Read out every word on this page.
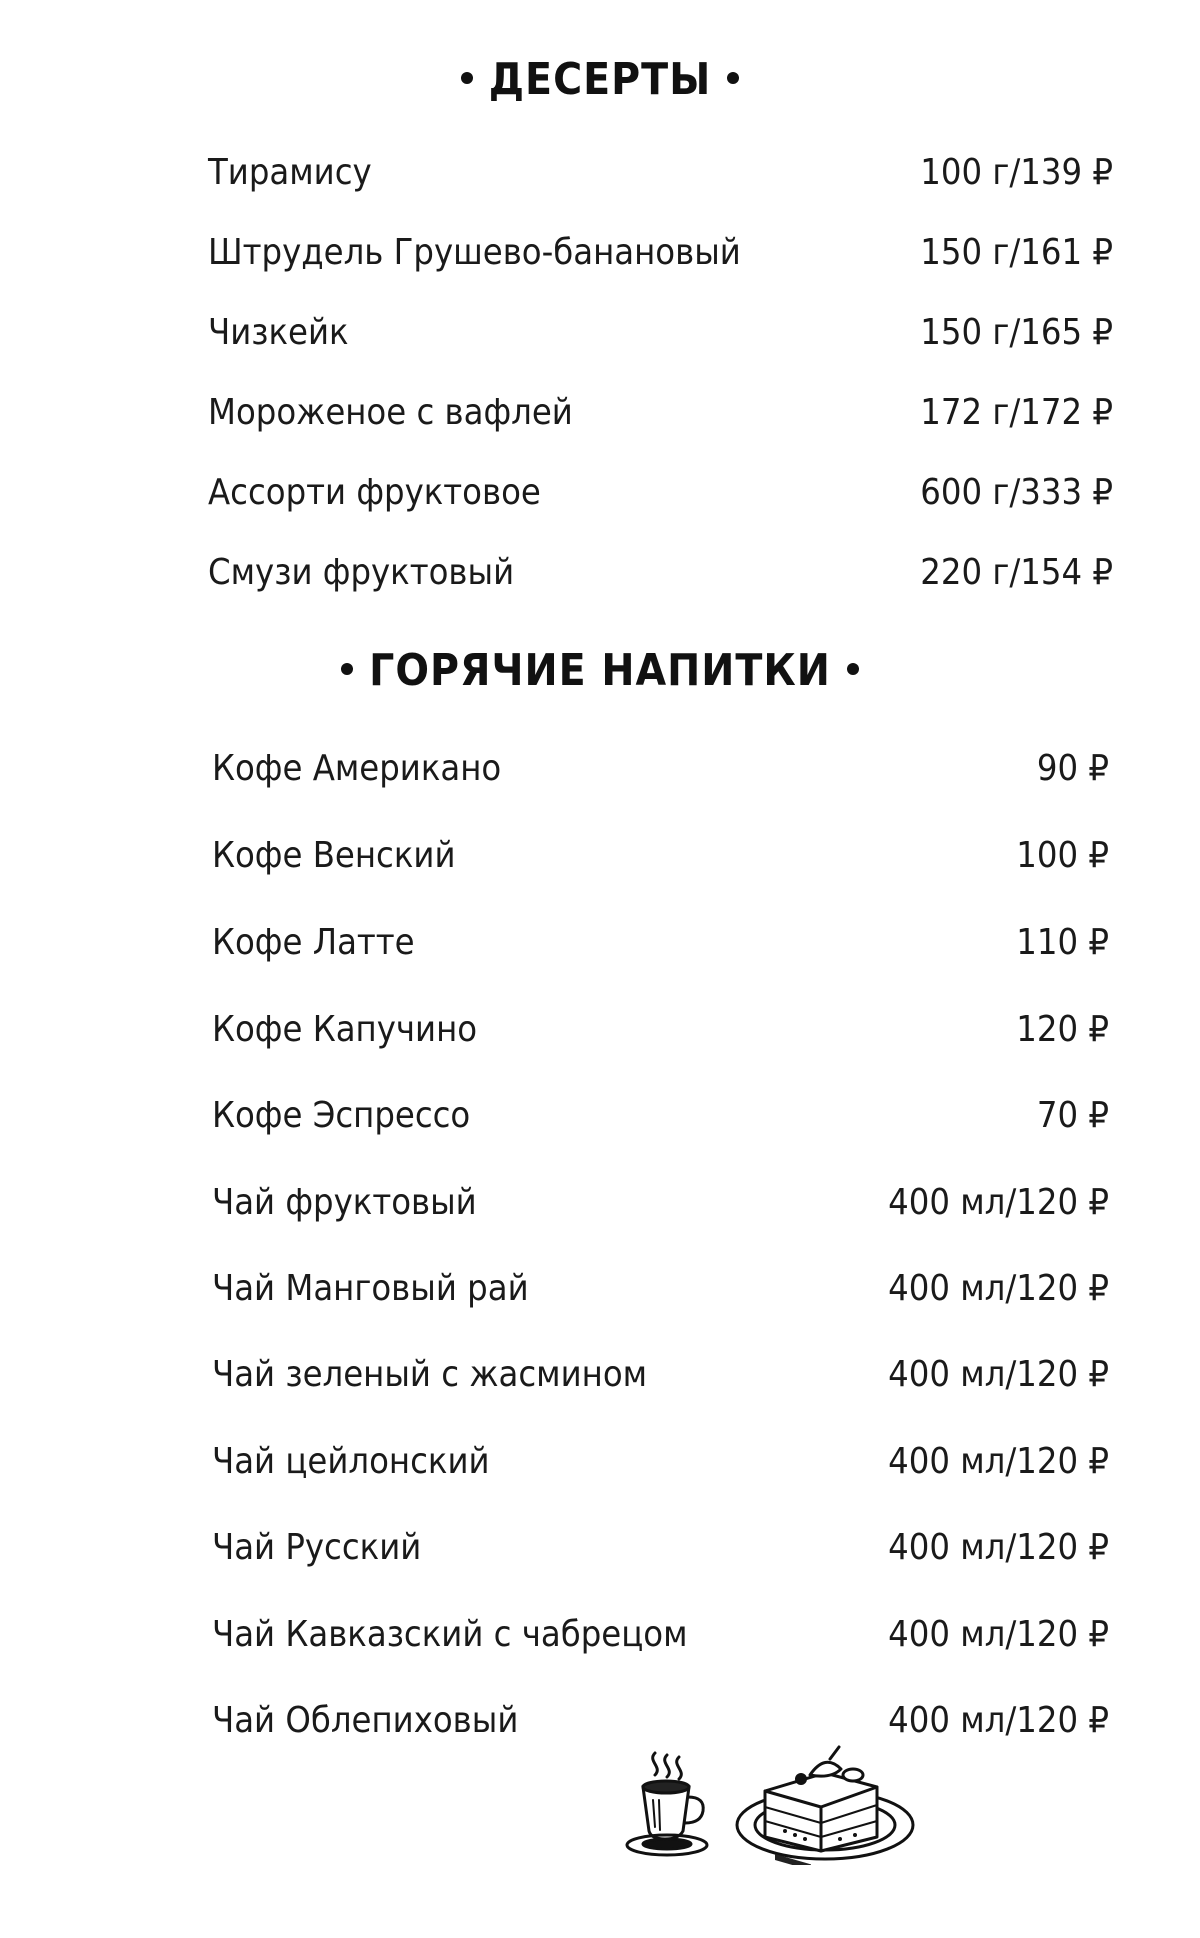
ДЕСЕРТЫ
Тирамису	100 г/139 ₽
Штрудель Грушево-банановый	150 г/161 ₽
Чизкейк	150 г/165 ₽
Мороженое с вафлей	172 г/172 ₽
Ассорти фруктовое	600 г/333 ₽
Смузи фруктовый	220 г/154 ₽
ГОРЯЧИЕ НАПИТКИ
Кофе Американо	90 ₽
Кофе Венский	100 ₽
Кофе Латте	110 ₽
Кофе Капучино	120 ₽
Кофе Эспрессо	70 ₽
Чай фруктовый	400 мл/120 ₽
Чай Манговый рай	400 мл/120 ₽
Чай зеленый с жасмином	400 мл/120 ₽
Чай цейлонский	400 мл/120 ₽
Чай Русский	400 мл/120 ₽
Чай Кавказский с чабрецом	400 мл/120 ₽
Чай Облепиховый	400 мл/120 ₽
